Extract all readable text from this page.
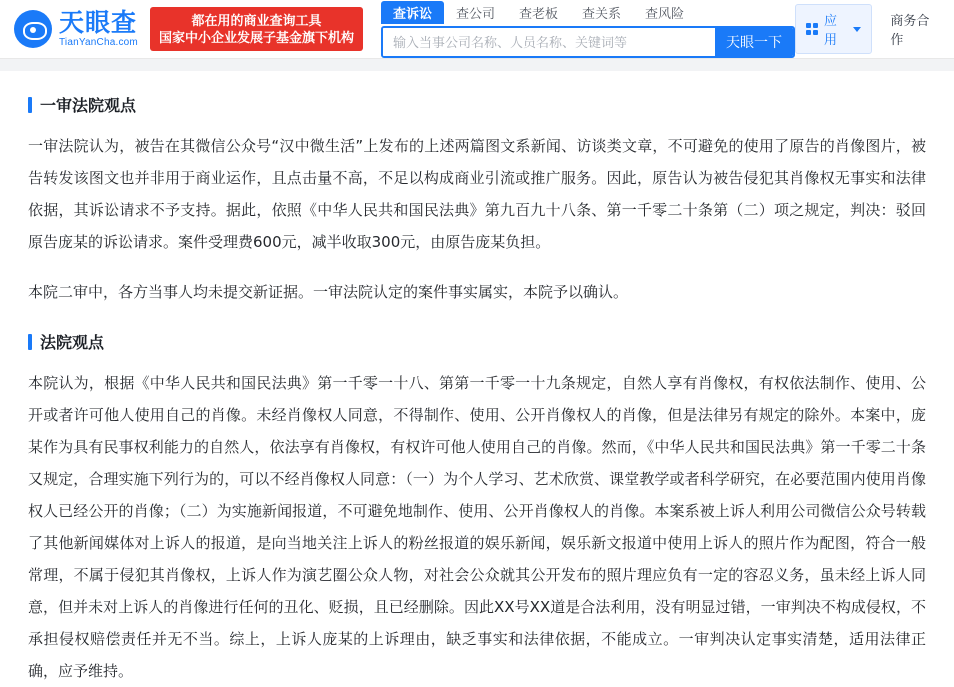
天眼查
TianYanCha.com
都在用的商业查询工具
国家中小企业发展子基金旗下机构
查诉讼	查公司	查老板	查关系	查风险
输入当事公司名称、人员名称、关键词等
天眼一下
应用
商务合作
一审法院观点

一审法院认为，被告在其微信公众号“汉中微生活”上发布的上述两篇图文系新闻、访谈类文章，不可避免的使用了原告的肖像图片，被告转发该图文也并非用于商业运作，且点击量不高，不足以构成商业引流或推广服务。因此，原告认为被告侵犯其肖像权无事实和法律依据，其诉讼请求不予支持。据此，依照《中华人民共和国民法典》第九百九十八条、第一千零二十条第（二）项之规定，判决：驳回原告庞某的诉讼请求。案件受理费600元，减半收取300元，由原告庞某负担。

本院二审中，各方当事人均未提交新证据。一审法院认定的案件事实属实，本院予以确认。

法院观点

本院认为，根据《中华人民共和国民法典》第一千零一十八、第第一千零一十九条规定，自然人享有肖像权，有权依法制作、使用、公开或者许可他人使用自己的肖像。未经肖像权人同意，不得制作、使用、公开肖像权人的肖像，但是法律另有规定的除外。本案中，庞某作为具有民事权利能力的自然人，依法享有肖像权，有权许可他人使用自己的肖像。然而，《中华人民共和国民法典》第一千零二十条又规定，合理实施下列行为的，可以不经肖像权人同意：（一）为个人学习、艺术欣赏、课堂教学或者科学研究，在必要范围内使用肖像权人已经公开的肖像；（二）为实施新闻报道，不可避免地制作、使用、公开肖像权人的肖像。本案系被上诉人利用公司微信公众号转载了其他新闻媒体对上诉人的报道，是向当地关注上诉人的粉丝报道的娱乐新闻，娱乐新文报道中使用上诉人的照片作为配图，符合一般常理，不属于侵犯其肖像权，上诉人作为演艺圈公众人物，对社会公众就其公开发布的照片理应负有一定的容忍义务，虽未经上诉人同意，但并未对上诉人的肖像进行任何的丑化、贬损，且已经删除。因此XX号XX道是合法利用，没有明显过错，一审判决不构成侵权，不承担侵权赔偿责任并无不当。综上，上诉人庞某的上诉理由，缺乏事实和法律依据，不能成立。一审判决认定事实清楚，适用法律正确，应予维持。
